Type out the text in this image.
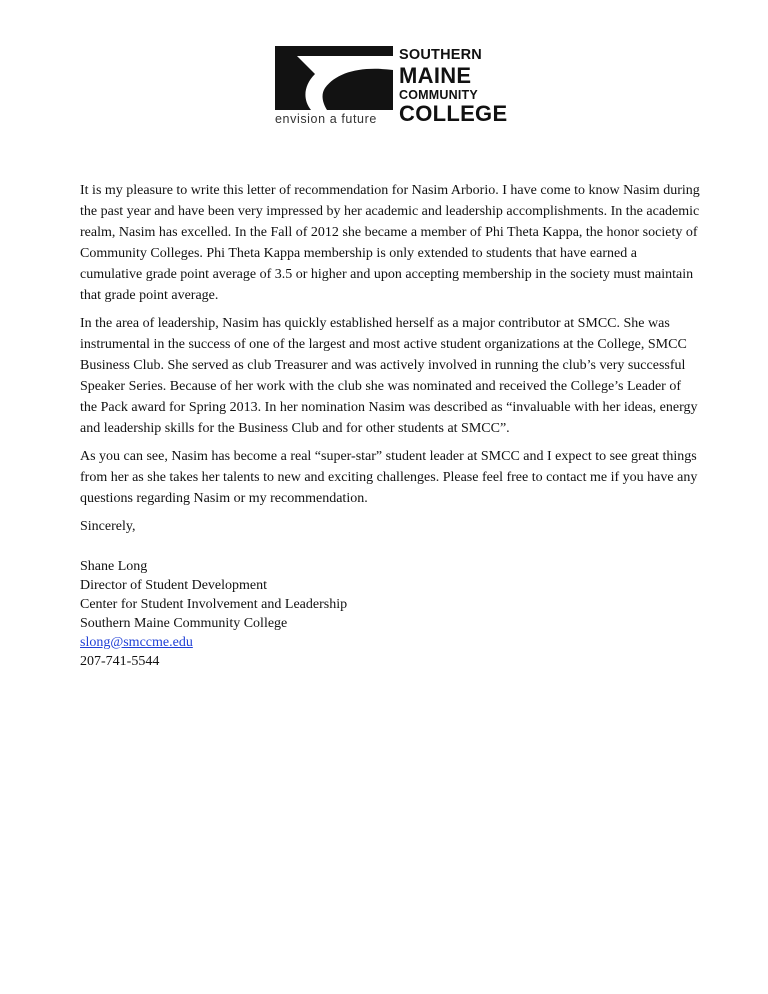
envision a future
SOUTHERN
MAINE
COMMUNITY
COLLEGE

It is my pleasure to write this letter of recommendation for Nasim Arborio. I have come to know Nasim during the past year and have been very impressed by her academic and leadership accomplishments. In the academic realm, Nasim has excelled. In the Fall of 2012 she became a member of Phi Theta Kappa, the honor society of Community Colleges. Phi Theta Kappa membership is only extended to students that have earned a cumulative grade point average of 3.5 or higher and upon accepting membership in the society must maintain that grade point average.

In the area of leadership, Nasim has quickly established herself as a major contributor at SMCC. She was instrumental in the success of one of the largest and most active student organizations at the College, SMCC Business Club. She served as club Treasurer and was actively involved in running the club’s very successful Speaker Series. Because of her work with the club she was nominated and received the College’s Leader of the Pack award for Spring 2013. In her nomination Nasim was described as “invaluable with her ideas, energy and leadership skills for the Business Club and for other students at SMCC”.

As you can see, Nasim has become a real “super-star” student leader at SMCC and I expect to see great things from her as she takes her talents to new and exciting challenges. Please feel free to contact me if you have any questions regarding Nasim or my recommendation.

Sincerely,

Shane Long
Director of Student Development
Center for Student Involvement and Leadership
Southern Maine Community College
slong@smccme.edu
207-741-5544
